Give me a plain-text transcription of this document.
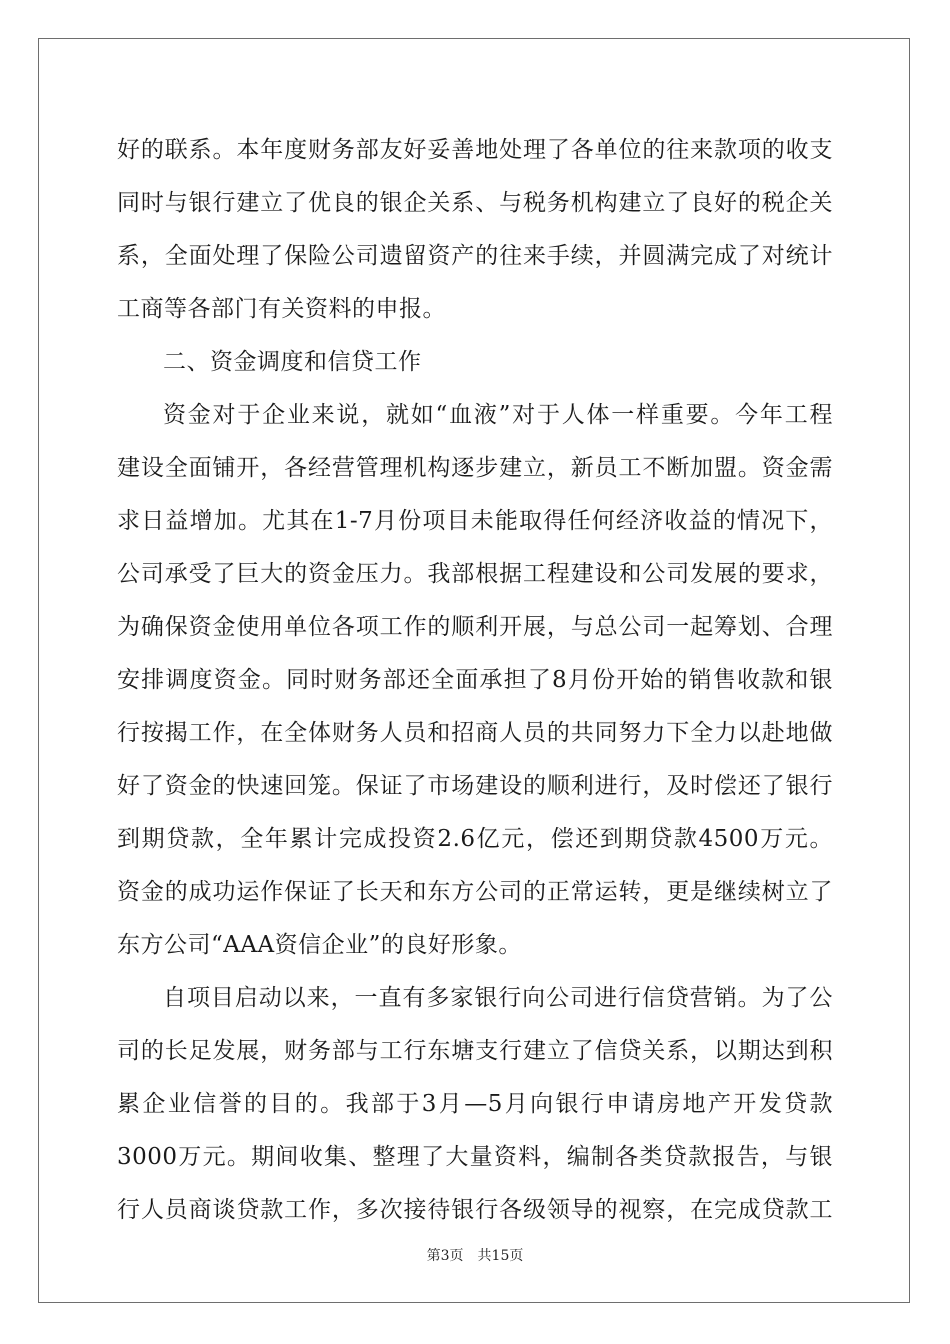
好的联系。本年度财务部友好妥善地处理了各单位的往来款项的收支
同时与银行建立了优良的银企关系、与税务机构建立了良好的税企关
系，全面处理了保险公司遗留资产的往来手续，并圆满完成了对统计
工商等各部门有关资料的申报。
二、资金调度和信贷工作
资金对于企业来说，就如“血液”对于人体一样重要。今年工程
建设全面铺开，各经营管理机构逐步建立，新员工不断加盟。资金需
求日益增加。尤其在1-7月份项目未能取得任何经济收益的情况下，
公司承受了巨大的资金压力。我部根据工程建设和公司发展的要求，
为确保资金使用单位各项工作的顺利开展，与总公司一起筹划、合理
安排调度资金。同时财务部还全面承担了8月份开始的销售收款和银
行按揭工作，在全体财务人员和招商人员的共同努力下全力以赴地做
好了资金的快速回笼。保证了市场建设的顺利进行，及时偿还了银行
到期贷款，全年累计完成投资2.6亿元，偿还到期贷款4500万元。
资金的成功运作保证了长天和东方公司的正常运转，更是继续树立了
东方公司“AAA资信企业”的良好形象。
自项目启动以来，一直有多家银行向公司进行信贷营销。为了公
司的长足发展，财务部与工行东塘支行建立了信贷关系，以期达到积
累企业信誉的目的。我部于3月—5月向银行申请房地产开发贷款
3000万元。期间收集、整理了大量资料，编制各类贷款报告，与银
行人员商谈贷款工作，多次接待银行各级领导的视察，在完成贷款工
第3页　共15页
